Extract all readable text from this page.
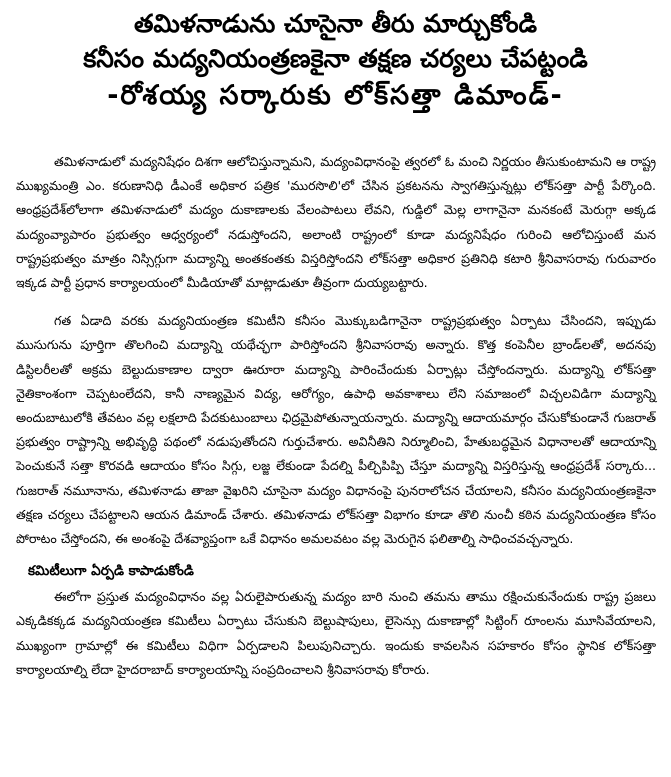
తమిళనాడును చూసైనా తీరు మార్చుకోండి
కనీసం మద్యనియంత్రణకైనా తక్షణ చర్యలు చేపట్టండి
-రోశయ్య సర్కారుకు లోక్‌సత్తా డిమాండ్-

తమిళనాడులో మద్యనిషేధం దిశగా ఆలోచిస్తున్నామని, మద్యంవిధానంపై త్వరలో ఓ మంచి నిర్ణయం తీసుకుంటామని ఆ రాష్ట్ర ముఖ్యమంత్రి ఎం. కరుణానిధి డీఎంకే అధికార పత్రిక 'మురసొలి'లో చేసిన ప్రకటనను స్వాగతిస్తున్నట్లు లోక్‌సత్తా పార్టీ పేర్కొంది. ఆంధ్రప్రదేశ్‌లోలాగా తమిళనాడులో మద్యం దుకాణాలకు వేలంపాటలు లేవని, గుడ్డిలో మెల్ల లాగానైనా మనకంటే మెరుగ్గా అక్కడ మద్యంవ్యాపారం ప్రభుత్వం ఆధ్వర్యంలో నడుస్తోందని, అలాంటి రాష్ట్రంలో కూడా మద్యనిషేధం గురించి ఆలోచిస్తుంటే మన రాష్ట్రప్రభుత్వం మాత్రం నిస్సిగ్గుగా మద్యాన్ని అంతకంతకు విస్తరిస్తోందని లోక్‌సత్తా అధికార ప్రతినిధి కటారి శ్రీనివాసరావు గురువారం ఇక్కడ పార్టీ ప్రధాన కార్యాలయంలో మీడియాతో మాట్లాడుతూ తీవ్రంగా దుయ్యబట్టారు.

గత ఏడాది వరకు మద్యనియంత్రణ కమిటీని కనీసం మొక్కుబడిగానైనా రాష్ట్రప్రభుత్వం ఏర్పాటు చేసిందని, ఇప్పుడు ముసుగును పూర్తిగా తొలగించి మద్యాన్ని యథేచ్ఛగా పారిస్తోందని శ్రీనివాసరావు అన్నారు. కొత్త కంపెనీల బ్రాండ్‌లతో, అదనపు డిస్టిలరీలతో అక్రమ బెల్టుదుకాణాల ద్వారా ఊరూరా మద్యాన్ని పారించేందుకు ఏర్పాట్లు చేస్తోందన్నారు. మద్యాన్ని లోక్‌సత్తా నైతికాంశంగా చెప్పటంలేదని, కానీ నాణ్యమైన విద్య, ఆరోగ్యం, ఉపాధి అవకాశాలు లేని సమాజంలో విచ్చలవిడిగా మద్యాన్ని అందుబాటులోకి తేవటం వల్ల లక్షలాది పేదకుటుంబాలు ఛిద్రమైపోతున్నాయన్నారు. మద్యాన్ని ఆదాయమార్గం చేసుకోకుండానే గుజరాత్ ప్రభుత్వం రాష్ట్రాన్ని అభివృద్ధి పథంలో నడుపుతోందని గుర్తుచేశారు. అవినీతిని నిర్మూలించి, హేతుబద్ధమైన విధానాలతో ఆదాయాన్ని పెంచుకునే సత్తా కొరవడి ఆదాయం కోసం సిగ్గు, లజ్జ లేకుండా పేదల్ని పీల్చిపిప్పి చేస్తూ మద్యాన్ని విస్తరిస్తున్న ఆంధ్రప్రదేశ్ సర్కారు... గుజరాత్ నమూనాను, తమిళనాడు తాజా వైఖరిని చూసైనా మద్యం విధానంపై పునరాలోచన చేయాలని, కనీసం మద్యనియంత్రణకైనా తక్షణ చర్యలు చేపట్టాలని ఆయన డిమాండ్ చేశారు. తమిళనాడు లోక్‌సత్తా విభాగం కూడా తొలి నుంచీ కఠిన మద్యనియంత్రణ కోసం పోరాటం చేస్తోందని, ఈ అంశంపై దేశవ్యాప్తంగా ఒకే విధానం అమలవటం వల్ల మెరుగైన ఫలితాల్ని సాధించవచ్చన్నారు.

కమిటీలుగా ఏర్పడి కాపాడుకోండి

ఈలోగా ప్రస్తుత మద్యంవిధానం వల్ల ఏరులైపారుతున్న మద్యం బారి నుంచి తమను తాము రక్షించుకునేందుకు రాష్ట్ర ప్రజలు ఎక్కడికక్కడ మద్యనియంత్రణ కమిటీలు ఏర్పాటు చేసుకుని బెల్టుషాపులు, లైసెన్సు దుకాణాల్లో సిట్టింగ్ రూంలను మూసివేయాలని, ముఖ్యంగా గ్రామాల్లో ఈ కమిటీలు విధిగా ఏర్పడాలని పిలుపునిచ్చారు. ఇందుకు కావలసిన సహకారం కోసం స్థానిక లోక్‌సత్తా కార్యాలయాల్ని లేదా హైదరాబాద్ కార్యాలయాన్ని సంప్రదించాలని శ్రీనివాసరావు కోరారు.
